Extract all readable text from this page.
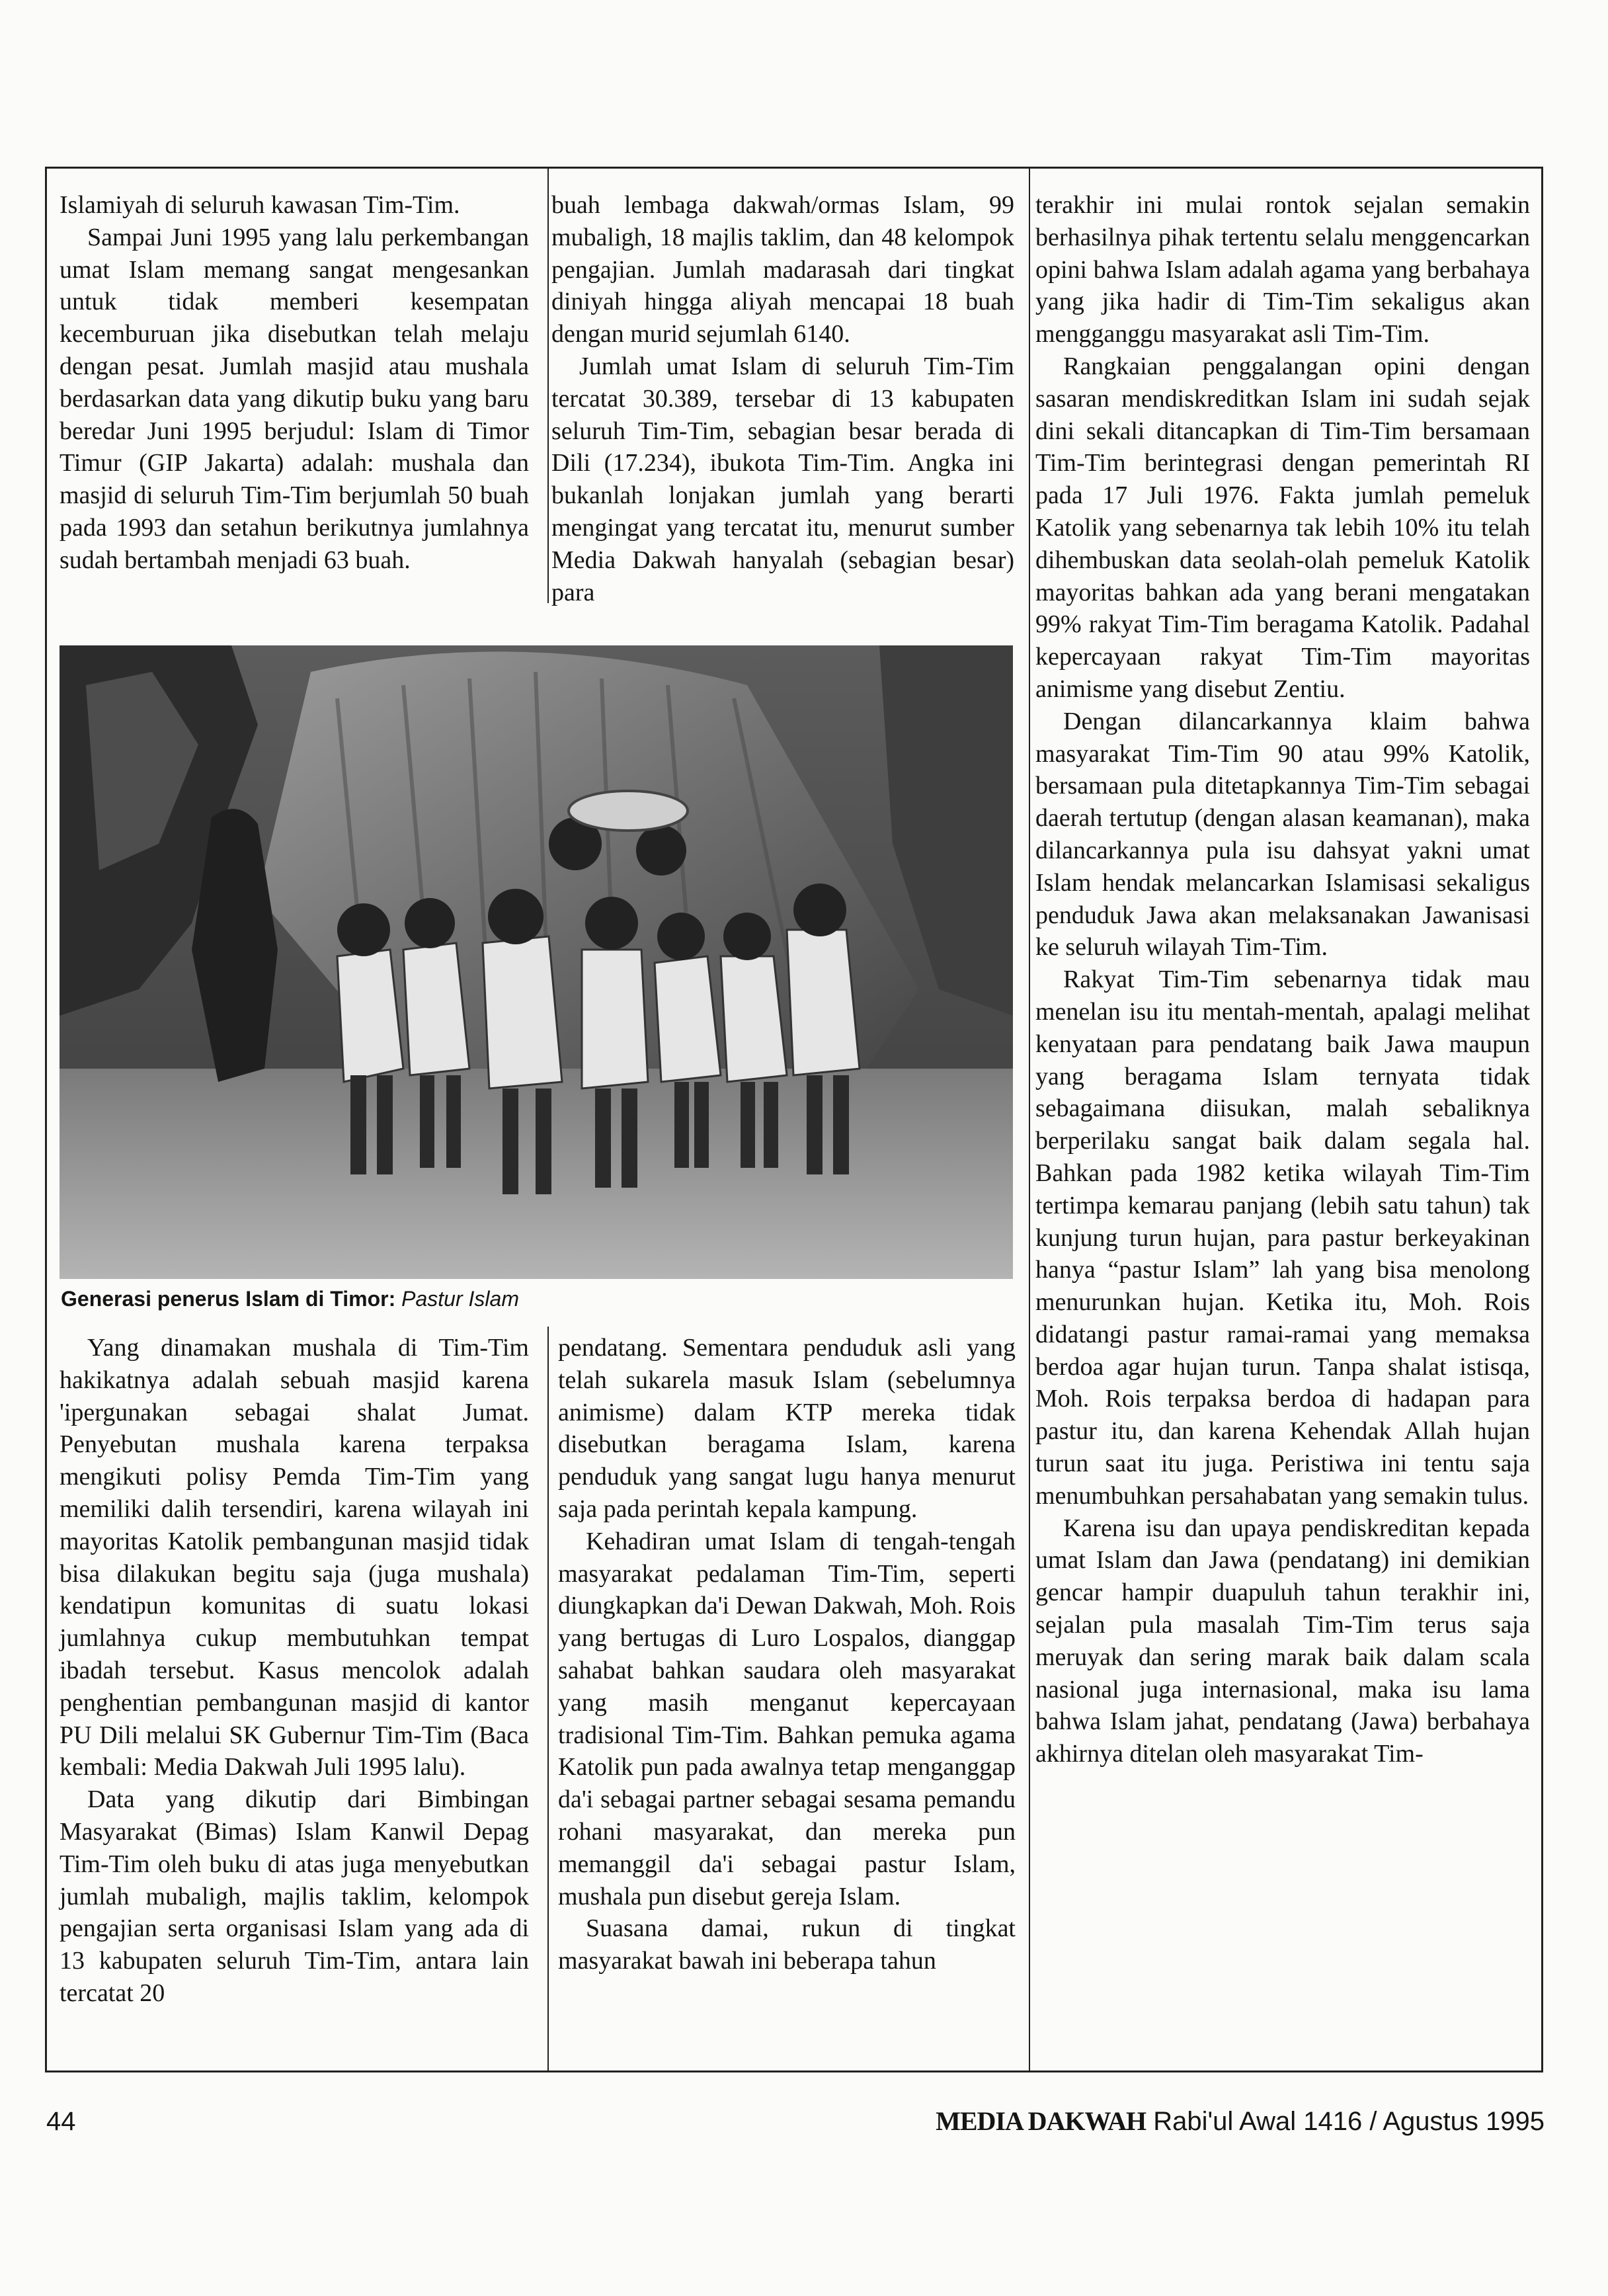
Islamiyah di seluruh kawasan Tim-Tim.

Sampai Juni 1995 yang lalu perkembangan umat Islam memang sangat mengesankan untuk tidak memberi kesempatan kecemburuan jika disebutkan telah melaju dengan pesat. Jumlah masjid atau mushala berdasarkan data yang dikutip buku yang baru beredar Juni 1995 berjudul: Islam di Timor Timur (GIP Jakarta) adalah: mushala dan masjid di seluruh Tim-Tim berjumlah 50 buah pada 1993 dan setahun berikutnya jumlahnya sudah bertambah menjadi 63 buah.

buah lembaga dakwah/ormas Islam, 99 mubaligh, 18 majlis taklim, dan 48 kelompok pengajian. Jumlah madarasah dari tingkat diniyah hingga aliyah mencapai 18 buah dengan murid sejumlah 6140.

Jumlah umat Islam di seluruh Tim-Tim tercatat 30.389, tersebar di 13 kabupaten seluruh Tim-Tim, sebagian besar berada di Dili (17.234), ibukota Tim-Tim. Angka ini bukanlah lonjakan jumlah yang berarti mengingat yang tercatat itu, menurut sumber Media Dakwah hanyalah (sebagian besar) para

Generasi penerus Islam di Timor: Pastur Islam

terakhir ini mulai rontok sejalan semakin berhasilnya pihak tertentu selalu menggencarkan opini bahwa Islam adalah agama yang berbahaya yang jika hadir di Tim-Tim sekaligus akan mengganggu masyarakat asli Tim-Tim.

Rangkaian penggalangan opini dengan sasaran mendiskreditkan Islam ini sudah sejak dini sekali ditancapkan di Tim-Tim bersamaan Tim-Tim berintegrasi dengan pemerintah RI pada 17 Juli 1976. Fakta jumlah pemeluk Katolik yang sebenarnya tak lebih 10% itu telah dihembuskan data seolah-olah pemeluk Katolik mayoritas bahkan ada yang berani mengatakan 99% rakyat Tim-Tim beragama Katolik. Padahal kepercayaan rakyat Tim-Tim mayoritas animisme yang disebut Zentiu.

Dengan dilancarkannya klaim bahwa masyarakat Tim-Tim 90 atau 99% Katolik, bersamaan pula ditetapkannya Tim-Tim sebagai daerah tertutup (dengan alasan keamanan), maka dilancarkannya pula isu dahsyat yakni umat Islam hendak melancarkan Islamisasi sekaligus penduduk Jawa akan melaksanakan Jawanisasi ke seluruh wilayah Tim-Tim.

Rakyat Tim-Tim sebenarnya tidak mau menelan isu itu mentah-mentah, apalagi melihat kenyataan para pendatang baik Jawa maupun yang beragama Islam ternyata tidak sebagaimana diisukan, malah sebaliknya berperilaku sangat baik dalam segala hal. Bahkan pada 1982 ketika wilayah Tim-Tim tertimpa kemarau panjang (lebih satu tahun) tak kunjung turun hujan, para pastur berkeyakinan hanya “pastur Islam” lah yang bisa menolong menurunkan hujan. Ketika itu, Moh. Rois didatangi pastur ramai-ramai yang memaksa berdoa agar hujan turun. Tanpa shalat istisqa, Moh. Rois terpaksa berdoa di hadapan para pastur itu, dan karena Kehendak Allah hujan turun saat itu juga. Peristiwa ini tentu saja menumbuhkan persahabatan yang semakin tulus.

Karena isu dan upaya pendiskreditan kepada umat Islam dan Jawa (pendatang) ini demikian gencar hampir duapuluh tahun terakhir ini, sejalan pula masalah Tim-Tim terus saja meruyak dan sering marak baik dalam scala nasional juga internasional, maka isu lama bahwa Islam jahat, pendatang (Jawa) berbahaya akhirnya ditelan oleh masyarakat Tim-

Yang dinamakan mushala di Tim-Tim hakikatnya adalah sebuah masjid karena 'ipergunakan sebagai shalat Jumat. Penyebutan mushala karena terpaksa mengikuti polisy Pemda Tim-Tim yang memiliki dalih tersendiri, karena wilayah ini mayoritas Katolik pembangunan masjid tidak bisa dilakukan begitu saja (juga mushala) kendatipun komunitas di suatu lokasi jumlahnya cukup membutuhkan tempat ibadah tersebut. Kasus mencolok adalah penghentian pembangunan masjid di kantor PU Dili melalui SK Gubernur Tim-Tim (Baca kembali: Media Dakwah Juli 1995 lalu).

Data yang dikutip dari Bimbingan Masyarakat (Bimas) Islam Kanwil Depag Tim-Tim oleh buku di atas juga menyebutkan jumlah mubaligh, majlis taklim, kelompok pengajian serta organisasi Islam yang ada di 13 kabupaten seluruh Tim-Tim, antara lain tercatat 20

pendatang. Sementara penduduk asli yang telah sukarela masuk Islam (sebelumnya animisme) dalam KTP mereka tidak disebutkan beragama Islam, karena penduduk yang sangat lugu hanya menurut saja pada perintah kepala kampung.

Kehadiran umat Islam di tengah-tengah masyarakat pedalaman Tim-Tim, seperti diungkapkan da'i Dewan Dakwah, Moh. Rois yang bertugas di Luro Lospalos, dianggap sahabat bahkan saudara oleh masyarakat yang masih menganut kepercayaan tradisional Tim-Tim. Bahkan pemuka agama Katolik pun pada awalnya tetap menganggap da'i sebagai partner sebagai sesama pemandu rohani masyarakat, dan mereka pun memanggil da'i sebagai pastur Islam, mushala pun disebut gereja Islam.

Suasana damai, rukun di tingkat masyarakat bawah ini beberapa tahun

44	MEDIA DAKWAH Rabi'ul Awal 1416 / Agustus 1995
